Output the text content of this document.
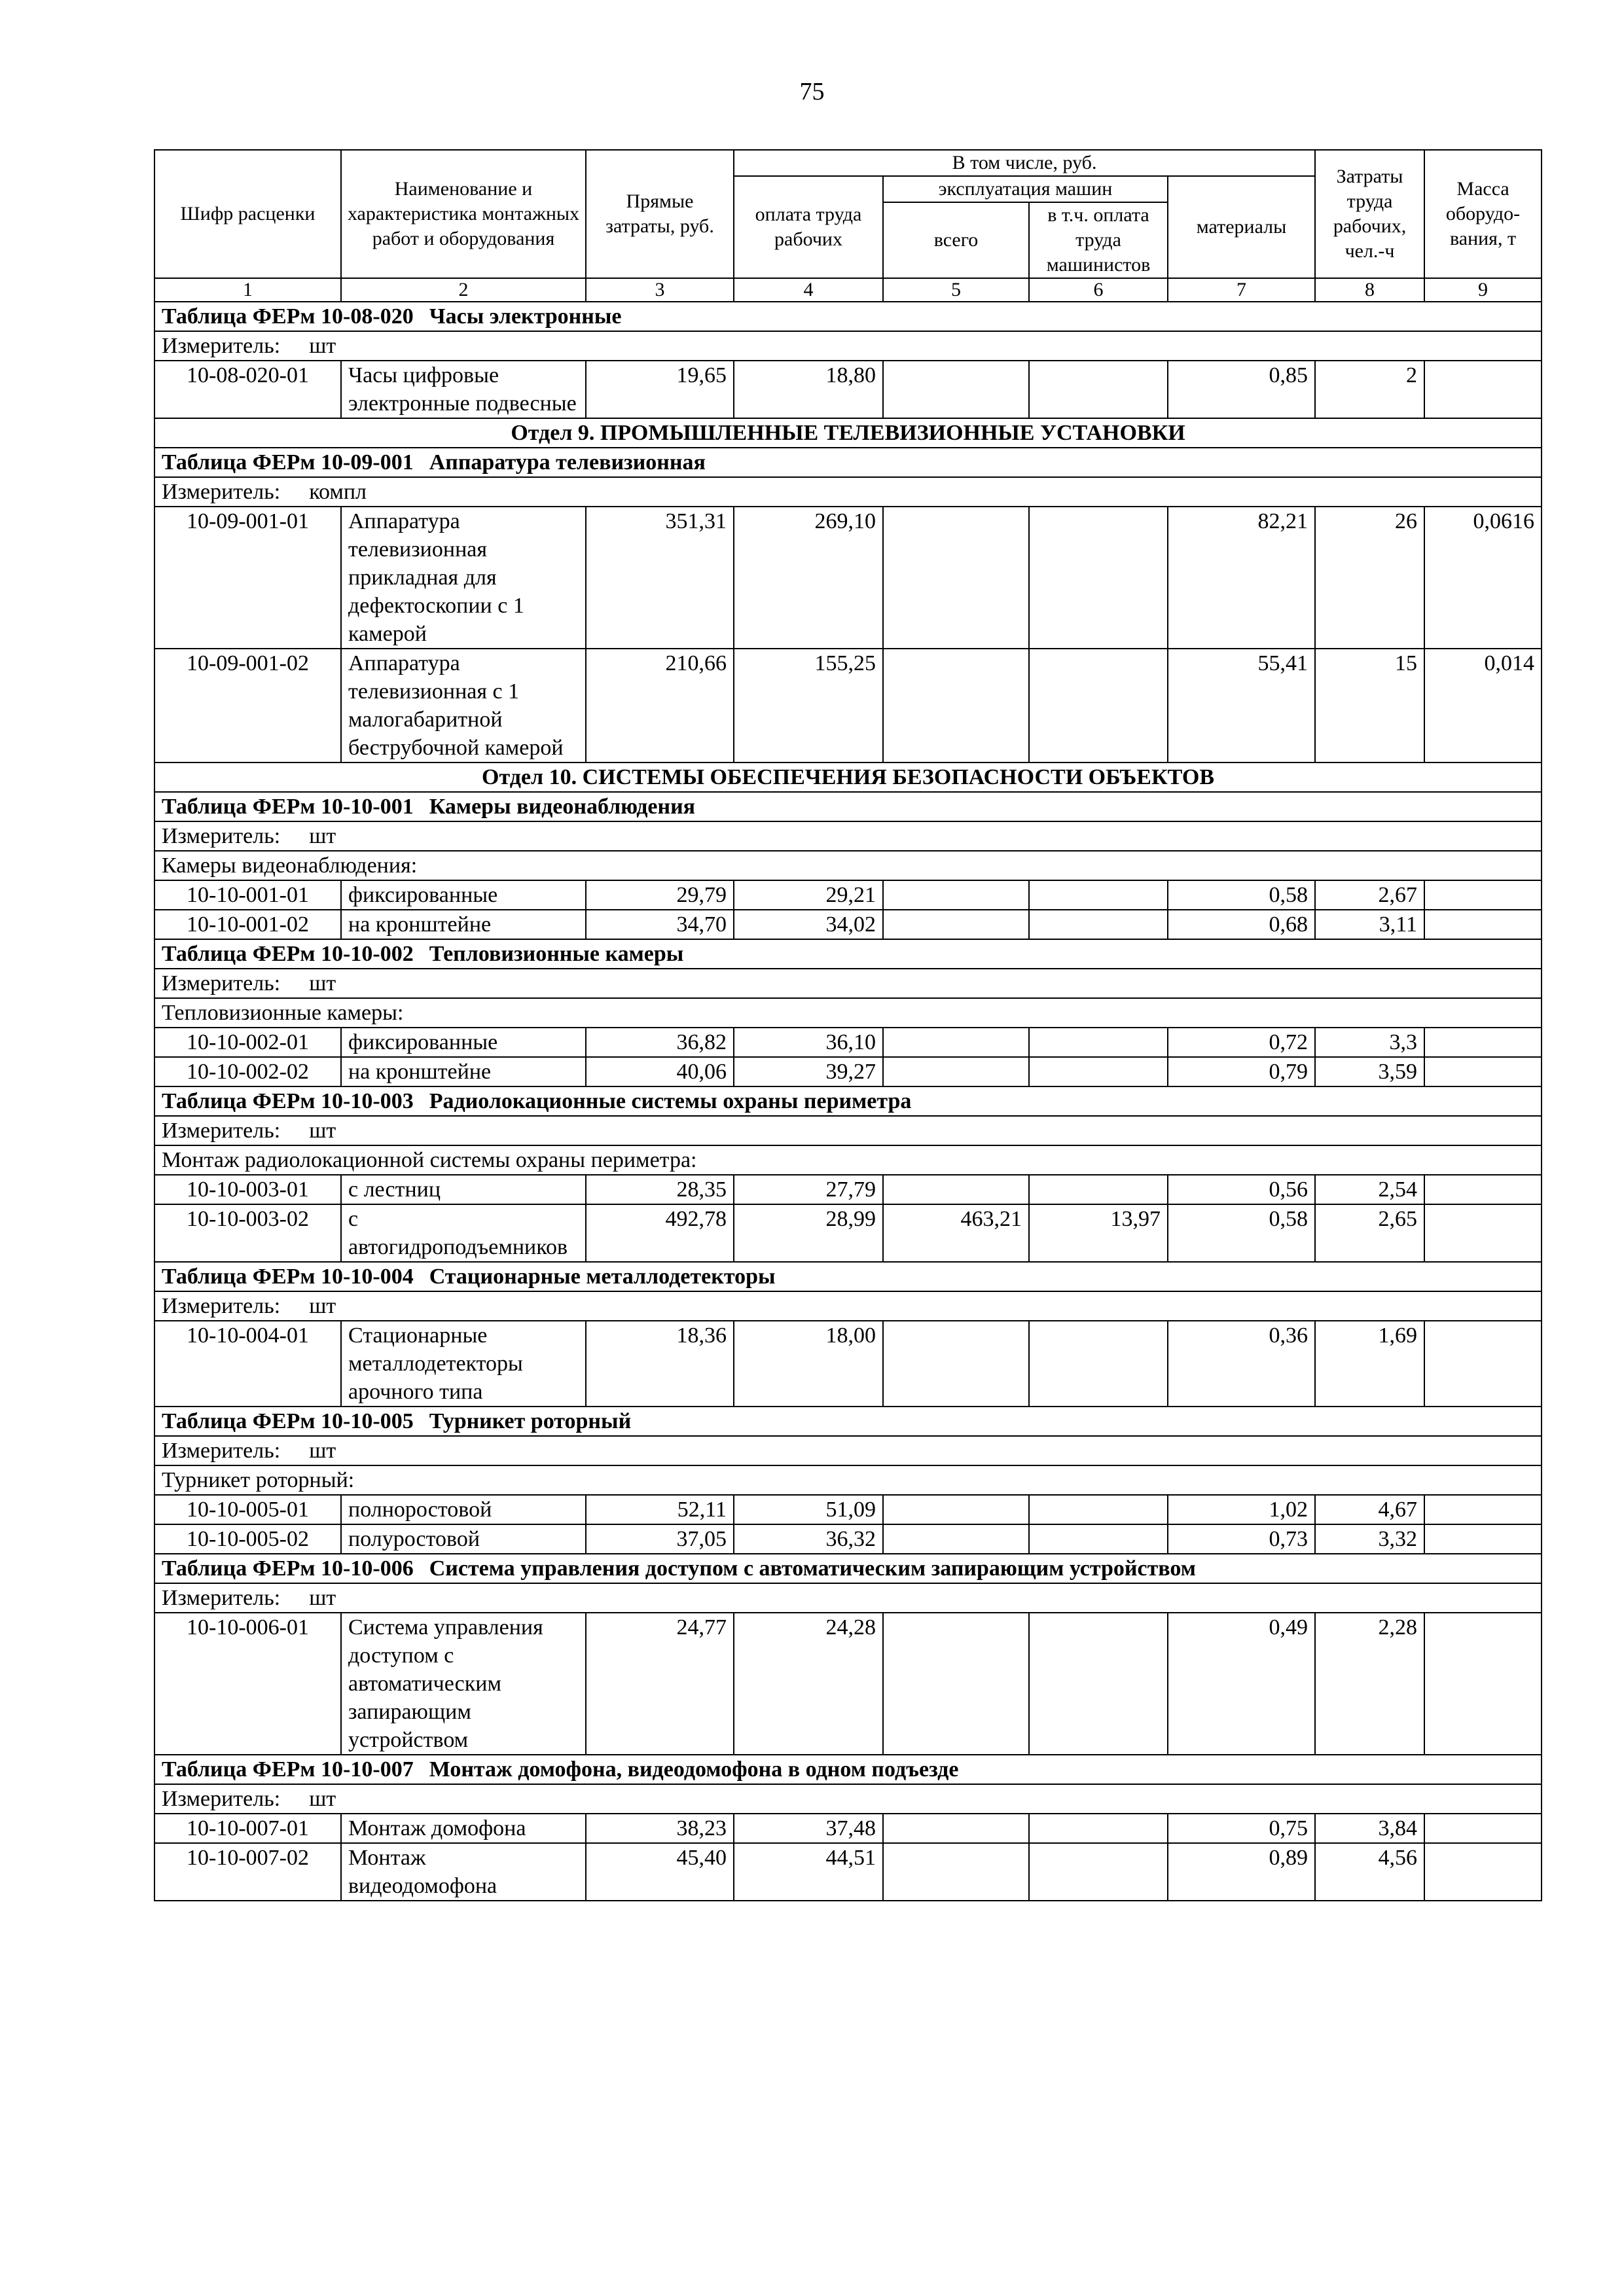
75
Шифр расценки	Наименование и характеристика монтажных работ и оборудования	Прямые затраты, руб.	В том числе, руб.				Затраты труда рабочих, чел.-ч	Масса оборудо-вания, т
			оплата труда рабочих	эксплуатация машин		материалы		
				всего	в т.ч. оплата труда машинистов			
1	2	3	4	5	6	7	8	9

Таблица ФЕРм 10-08-020 Часы электронные								

Измеритель: шт								
10-08-020-01	Часы цифровые электронные подвесные	19,65	18,80			0,85	2	
Отдел 9. ПРОМЫШЛЕННЫЕ ТЕЛЕВИЗИОННЫЕ УСТАНОВКИ								

Таблица ФЕРм 10-09-001 Аппаратура телевизионная								

Измеритель: компл								
10-09-001-01	Аппаратура телевизионная прикладная для дефектоскопии с 1 камерой	351,31	269,10			82,21	26	0,0616
10-09-001-02	Аппаратура телевизионная с 1 малогабаритной беструбочной камерой	210,66	155,25			55,41	15	0,014
Отдел 10. СИСТЕМЫ ОБЕСПЕЧЕНИЯ БЕЗОПАСНОСТИ ОБЪЕКТОВ								

Таблица ФЕРм 10-10-001 Камеры видеонаблюдения								

Измеритель: шт								
Камеры видеонаблюдения:								
10-10-001-01	фиксированные	29,79	29,21			0,58	2,67	
10-10-001-02	на кронштейне	34,70	34,02			0,68	3,11	

Таблица ФЕРм 10-10-002 Тепловизионные камеры								

Измеритель: шт								
Тепловизионные камеры:								
10-10-002-01	фиксированные	36,82	36,10			0,72	3,3	
10-10-002-02	на кронштейне	40,06	39,27			0,79	3,59	

Таблица ФЕРм 10-10-003 Радиолокационные системы охраны периметра								

Измеритель: шт								
Монтаж радиолокационной системы охраны периметра:								
10-10-003-01	с лестниц	28,35	27,79			0,56	2,54	
10-10-003-02	с автогидроподъемников	492,78	28,99	463,21	13,97	0,58	2,65	

Таблица ФЕРм 10-10-004 Стационарные металлодетекторы								

Измеритель: шт								
10-10-004-01	Стационарные металлодетекторы арочного типа	18,36	18,00			0,36	1,69	

Таблица ФЕРм 10-10-005 Турникет роторный								

Измеритель: шт								
Турникет роторный:								
10-10-005-01	полноростовой	52,11	51,09			1,02	4,67	
10-10-005-02	полуростовой	37,05	36,32			0,73	3,32	

Таблица ФЕРм 10-10-006 Система управления доступом с автоматическим запирающим устройством								

Измеритель: шт								
10-10-006-01	Система управления доступом с автоматическим запирающим устройством	24,77	24,28			0,49	2,28	

Таблица ФЕРм 10-10-007 Монтаж домофона, видеодомофона в одном подъезде								

Измеритель: шт								
10-10-007-01	Монтаж домофона	38,23	37,48			0,75	3,84	
10-10-007-02	Монтаж видеодомофона	45,40	44,51			0,89	4,56	
